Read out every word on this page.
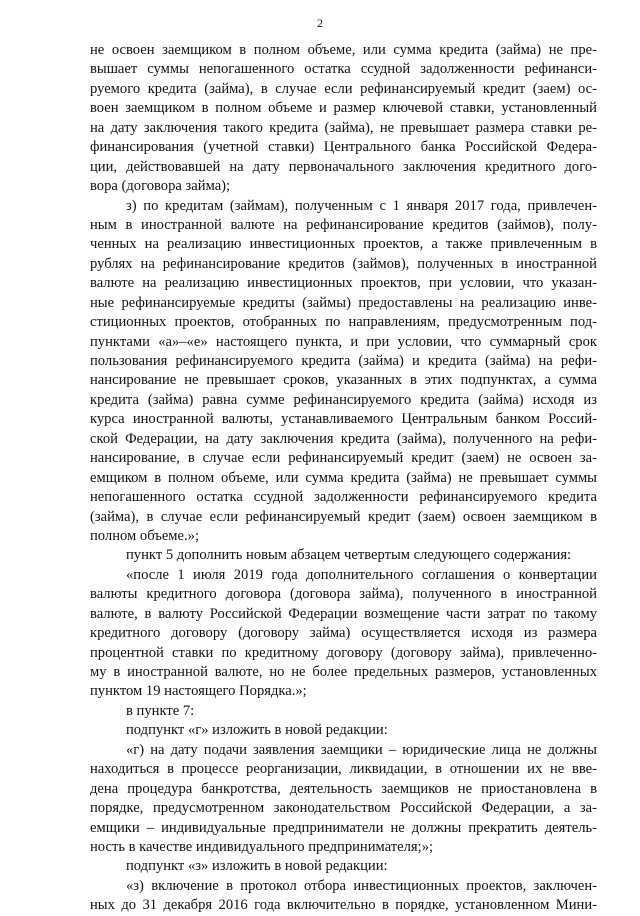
2
не освоен заемщиком в полном объеме, или сумма кредита (займа) не пре-
вышает суммы непогашенного остатка ссудной задолженности рефинанси-
руемого кредита (займа), в случае если рефинансируемый кредит (заем) ос-
воен заемщиком в полном объеме и размер ключевой ставки, установленный
на дату заключения такого кредита (займа), не превышает размера ставки ре-
финансирования (учетной ставки) Центрального банка Российской Федера-
ции, действовавшей на дату первоначального заключения кредитного дого-
вора (договора займа);
з) по кредитам (займам), полученным с 1 января 2017 года, привлечен-
ным в иностранной валюте на рефинансирование кредитов (займов), полу-
ченных на реализацию инвестиционных проектов, а также привлеченным в
рублях на рефинансирование кредитов (займов), полученных в иностранной
валюте на реализацию инвестиционных проектов, при условии, что указан-
ные рефинансируемые кредиты (займы) предоставлены на реализацию инве-
стиционных проектов, отобранных по направлениям, предусмотренным под-
пунктами «а»–«е» настоящего пункта, и при условии, что суммарный срок
пользования рефинансируемого кредита (займа) и кредита (займа) на рефи-
нансирование не превышает сроков, указанных в этих подпунктах, а сумма
кредита (займа) равна сумме рефинансируемого кредита (займа) исходя из
курса иностранной валюты, устанавливаемого Центральным банком Россий-
ской Федерации, на дату заключения кредита (займа), полученного на рефи-
нансирование, в случае если рефинансируемый кредит (заем) не освоен за-
емщиком в полном объеме, или сумма кредита (займа) не превышает суммы
непогашенного остатка ссудной задолженности рефинансируемого кредита
(займа), в случае если рефинансируемый кредит (заем) освоен заемщиком в
полном объеме.»;
пункт 5 дополнить новым абзацем четвертым следующего содержания:
«после 1 июля 2019 года дополнительного соглашения о конвертации
валюты кредитного договора (договора займа), полученного в иностранной
валюте, в валюту Российской Федерации возмещение части затрат по такому
кредитного договору (договору займа) осуществляется исходя из размера
процентной ставки по кредитному договору (договору займа), привлеченно-
му в иностранной валюте, но не более предельных размеров, установленных
пунктом 19 настоящего Порядка.»;
в пункте 7:
подпункт «г» изложить в новой редакции:
«г) на дату подачи заявления заемщики – юридические лица не должны
находиться в процессе реорганизации, ликвидации, в отношении их не вве-
дена процедура банкротства, деятельность заемщиков не приостановлена в
порядке, предусмотренном законодательством Российской Федерации, а за-
емщики – индивидуальные предприниматели не должны прекратить деятель-
ность в качестве индивидуального предпринимателя;»;
подпункт «з» изложить в новой редакции:
«з) включение в протокол отбора инвестиционных проектов, заключен-
ных до 31 декабря 2016 года включительно в порядке, установленном Мини-
